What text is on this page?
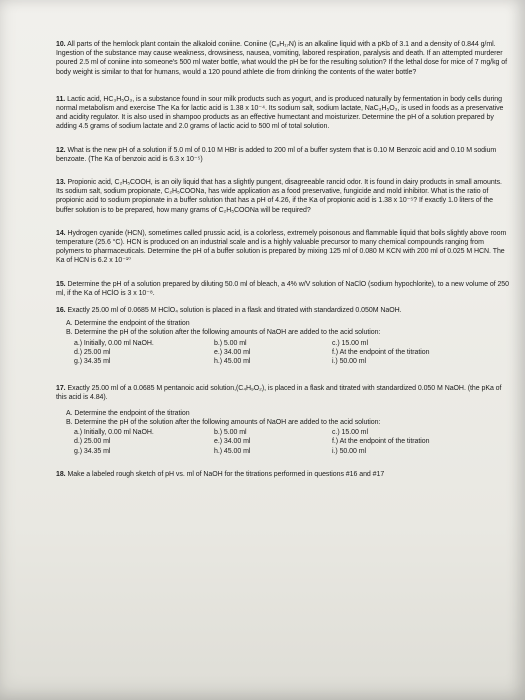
10. All parts of the hemlock plant contain the alkaloid coniine. Coniine (C₈H₁₇N) is an alkaline liquid with a pKb of 3.1 and a density of 0.844 g/ml. Ingestion of the substance may cause weakness, drowsiness, nausea, vomiting, labored respiration, paralysis and death. If an attempted murderer poured 2.5 ml of coniine into someone's 500 ml water bottle, what would the pH be for the resulting solution? If the lethal dose for mice of 7 mg/kg of body weight is similar to that for humans, would a 120 pound athlete die from drinking the contents of the water bottle?

11. Lactic acid, HC₃H₅O₃, is a substance found in sour milk products such as yogurt, and is produced naturally by fermentation in body cells during normal metabolism and exercise The Ka for lactic acid is 1.38 x 10⁻⁴. Its sodium salt, sodium lactate, NaC₃H₅O₃, is used in foods as a preservative and acidity regulator. It is also used in shampoo products as an effective humectant and moisturizer. Determine the pH of a solution prepared by adding 4.5 grams of sodium lactate and 2.0 grams of lactic acid to 500 ml of total solution.

12. What is the new pH of a solution if 5.0 ml of 0.10 M HBr is added to 200 ml of a buffer system that is 0.10 M Benzoic acid and 0.10 M sodium benzoate. (The Ka of benzoic acid is 6.3 x 10⁻⁵)

13. Propionic acid, C₂H₅COOH, is an oily liquid that has a slightly pungent, disagreeable rancid odor. It is found in dairy products in small amounts. Its sodium salt, sodium propionate, C₂H₅COONa, has wide application as a food preservative, fungicide and mold inhibitor. What is the ratio of propionic acid to sodium propionate in a buffer solution that has a pH of 4.26, if the Ka of propionic acid is 1.38 x 10⁻⁵? If exactly 1.0 liters of the buffer solution is to be prepared, how many grams of C₂H₅COONa will be required?

14. Hydrogen cyanide (HCN), sometimes called prussic acid, is a colorless, extremely poisonous and flammable liquid that boils slightly above room temperature (25.6 °C). HCN is produced on an industrial scale and is a highly valuable precursor to many chemical compounds ranging from polymers to pharmaceuticals. Determine the pH of a buffer solution is prepared by mixing 125 ml of 0.080 M KCN with 200 ml of 0.025 M HCN. The Ka of HCN is 6.2 x 10⁻¹⁰

15. Determine the pH of a solution prepared by diluting 50.0 ml of bleach, a 4% w/V solution of NaClO (sodium hypochlorite), to a new volume of 250 ml, if the Ka of HClO is 3 x 10⁻⁸.

16. Exactly 25.00 ml of 0.0685 M HClO₄ solution is placed in a flask and titrated with standardized 0.050M NaOH.

A. Determine the endpoint of the titration

B. Determine the pH of the solution after the following amounts of NaOH are added to the acid solution:

a.) Initially, 0.00 ml NaOH.	b.) 5.00 ml	c.) 15.00 ml
d.) 25.00 ml	e.) 34.00 ml	f.) At the endpoint of the titration
g.) 34.35 ml	h.) 45.00 ml	i.) 50.00 ml

17. Exactly 25.00 ml of a 0.0685 M pentanoic acid solution,(C₄H₉O₂), is placed in a flask and titrated with standardized 0.050 M NaOH. (the pKa of this acid is 4.84).

A. Determine the endpoint of the titration

B. Determine the pH of the solution after the following amounts of NaOH are added to the acid solution:

a.) Initially, 0.00 ml NaOH.	b.) 5.00 ml	c.) 15.00 ml
d.) 25.00 ml	e.) 34.00 ml	f.) At the endpoint of the titration
g.) 34.35 ml	h.) 45.00 ml	i.) 50.00 ml

18. Make a labeled rough sketch of pH vs. ml of NaOH for the titrations performed in questions #16 and #17
